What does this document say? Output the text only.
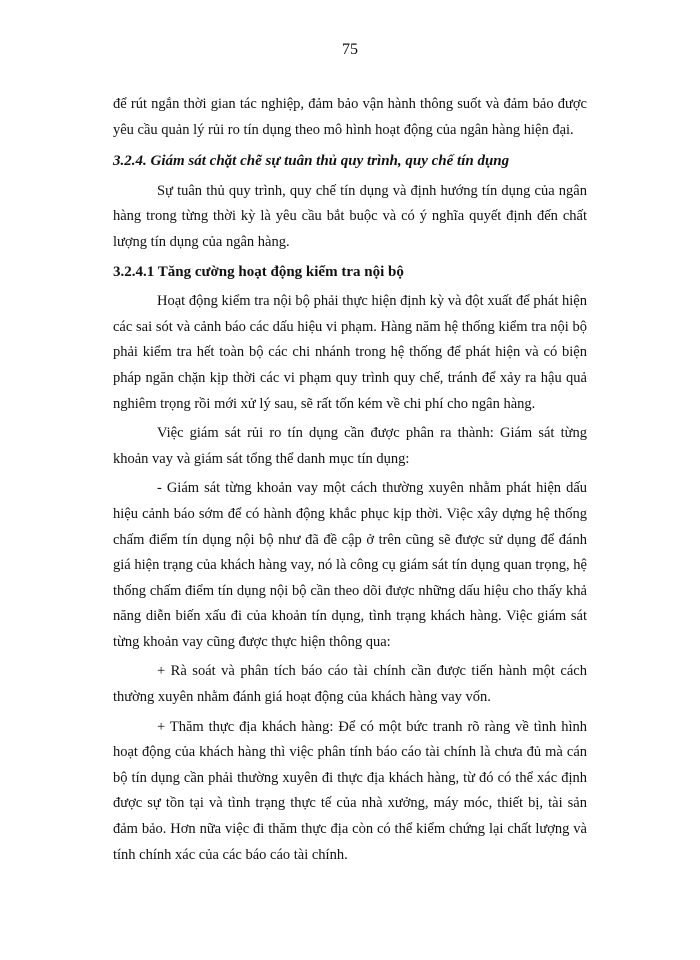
75

để rút ngắn thời gian tác nghiệp, đảm bảo vận hành thông suốt và đảm bảo được yêu cầu quản lý rủi ro tín dụng theo mô hình hoạt động của ngân hàng hiện đại.

3.2.4. Giám sát chặt chẽ sự tuân thủ quy trình, quy chế tín dụng

Sự tuân thủ quy trình, quy chế tín dụng và định hướng tín dụng của ngân hàng trong từng thời kỳ là yêu cầu bắt buộc và có ý nghĩa quyết định đến chất lượng tín dụng của ngân hàng.

3.2.4.1 Tăng cường hoạt động kiểm tra nội bộ

Hoạt động kiểm tra nội bộ phải thực hiện định kỳ và đột xuất để phát hiện các sai sót và cảnh báo các dấu hiệu vi phạm. Hàng năm hệ thống kiểm tra nội bộ phải kiểm tra hết toàn bộ các chi nhánh trong hệ thống để phát hiện và có biện pháp ngăn chặn kịp thời các vi phạm quy trình quy chế, tránh để xảy ra hậu quả nghiêm trọng rồi mới xử lý sau, sẽ rất tốn kém về chi phí cho ngân hàng.

Việc giám sát rủi ro tín dụng cần được phân ra thành: Giám sát từng khoản vay và giám sát tổng thể danh mục tín dụng:

- Giám sát từng khoản vay một cách thường xuyên nhằm phát hiện dấu hiệu cảnh báo sớm để có hành động khắc phục kịp thời. Việc xây dựng hệ thống chấm điểm tín dụng nội bộ như đã đề cập ở trên cũng sẽ được sử dụng để đánh giá hiện trạng của khách hàng vay, nó là công cụ giám sát tín dụng quan trọng, hệ thống chấm điểm tín dụng nội bộ cần theo dõi được những dấu hiệu cho thấy khả năng diễn biến xấu đi của khoản tín dụng, tình trạng khách hàng. Việc giám sát từng khoản vay cũng được thực hiện thông qua:

+ Rà soát và phân tích báo cáo tài chính cần được tiến hành một cách thường xuyên nhằm đánh giá hoạt động của khách hàng vay vốn.

+ Thăm thực địa khách hàng: Để có một bức tranh rõ ràng về tình hình hoạt động của khách hàng thì việc phân tính báo cáo tài chính là chưa đủ mà cán bộ tín dụng cần phải thường xuyên đi thực địa khách hàng, từ đó có thể xác định được sự tồn tại và tình trạng thực tế của nhà xưởng, máy móc, thiết bị, tài sản đảm bảo. Hơn nữa việc đi thăm thực địa còn có thể kiểm chứng lại chất lượng và tính chính xác của các báo cáo tài chính.
